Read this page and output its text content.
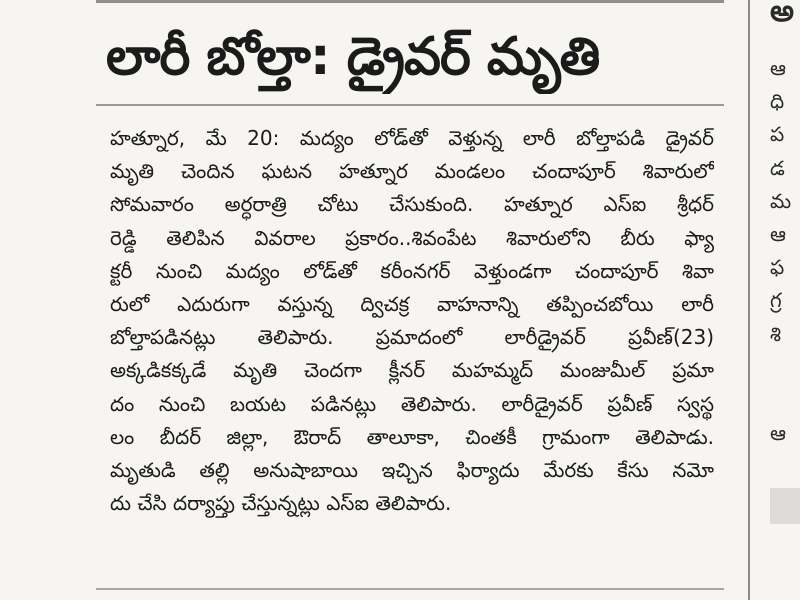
లారీ బోల్తా: డ్రైవర్ మృతి
హత్నూర, మే 20: మద్యం లోడ్‌తో వెళ్తున్న లారీ బోల్తాపడి డ్రైవర్
మృతి చెందిన ఘటన హత్నూర మండలం చందాపూర్ శివారులో
సోమవారం అర్ధరాత్రి చోటు చేసుకుంది. హత్నూర ఎస్ఐ శ్రీధర్
రెడ్డి తెలిపిన వివరాల ప్రకారం..శివంపేట శివారులోని బీరు ఫ్యా
క్టరీ నుంచి మద్యం లోడ్‌తో కరీంనగర్ వెళ్తుండగా చందాపూర్ శివా
రులో ఎదురుగా వస్తున్న ద్విచక్ర వాహనాన్ని తప్పించబోయి లారీ
బోల్తాపడినట్లు తెలిపారు. ప్రమాదంలో లారీడ్రైవర్ ప్రవీణ్(23)
అక్కడికక్కడే మృతి చెందగా క్లీనర్ మహమ్మద్ మంజుమీల్ ప్రమా
దం నుంచి బయట పడినట్లు తెలిపారు. లారీడ్రైవర్ ప్రవీణ్ స్వస్థ
లం బీదర్ జిల్లా, ఔరాద్ తాలూకా, చింతకీ గ్రామంగా తెలిపాడు.
మృతుడి తల్లి అనుషాబాయి ఇచ్చిన ఫిర్యాదు మేరకు కేసు నమో
దు చేసి దర్యాప్తు చేస్తున్నట్లు ఎస్ఐ తెలిపారు.
అ
ఆ
ధి
ప
డ
మ
ఆ
ఫ
గ్ర
శి
ఆ
